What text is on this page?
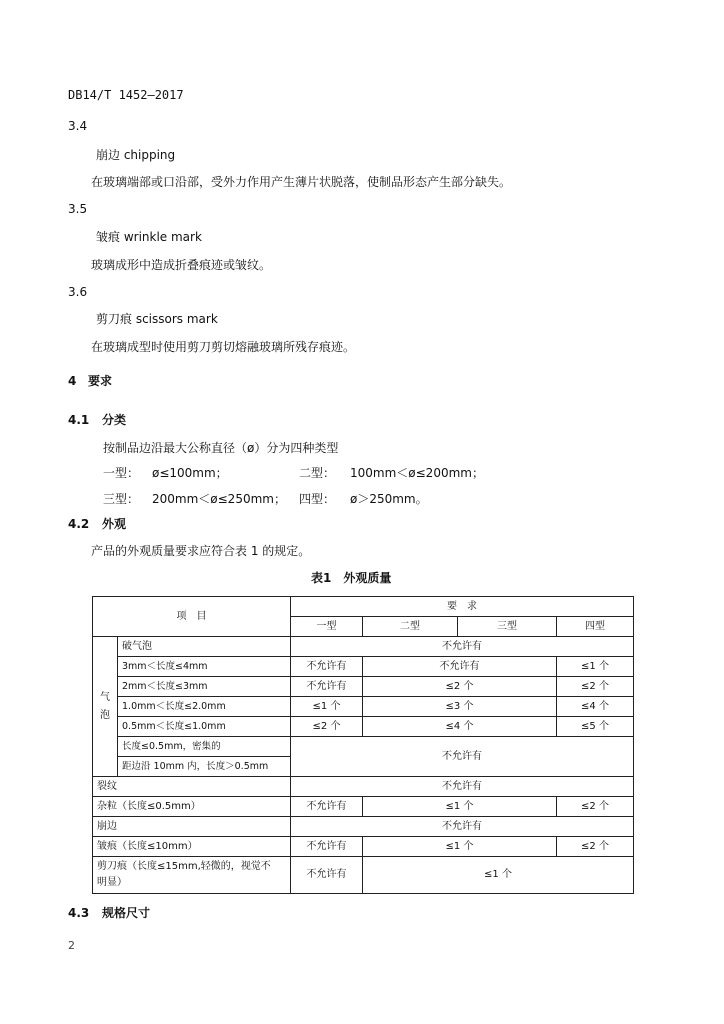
DB14/T 1452—2017
3.4
崩边 chipping
在玻璃端部或口沿部，受外力作用产生薄片状脱落，使制品形态产生部分缺失。
3.5
皱痕 wrinkle mark
玻璃成形中造成折叠痕迹或皱纹。
3.6
剪刀痕 scissors mark
在玻璃成型时使用剪刀剪切熔融玻璃所残存痕迹。
4 要求
4.1 分类
按制品边沿最大公称直径（ø）分为四种类型
一型： ø≤100mm；	二型： 100mm＜ø≤200mm；
三型： 200mm＜ø≤250mm； 四型： ø＞250mm。
4.2 外观
产品的外观质量要求应符合表 1 的规定。
表1　外观质量
项　目		要　求			
		一型	二型	三型	四型
气
泡	破气泡	不允许有			
	3mm＜长度≤4mm	不允许有	不允许有		≤1 个
	2mm＜长度≤3mm	不允许有	≤2 个		≤2 个
	1.0mm＜长度≤2.0mm	≤1 个	≤3 个		≤4 个
	0.5mm＜长度≤1.0mm	≤2 个	≤4 个		≤5 个
	长度≤0.5mm，密集的	不允许有			
	距边沿 10mm 内，长度＞0.5mm				
裂纹		不允许有			
杂粒（长度≤0.5mm）		不允许有	≤1 个		≤2 个
崩边		不允许有			
皱痕（长度≤10mm）		不允许有	≤1 个		≤2 个

剪刀痕（长度≤15mm,轻微的，视觉不
明显）		不允许有	≤1 个		
4.3 规格尺寸
2
